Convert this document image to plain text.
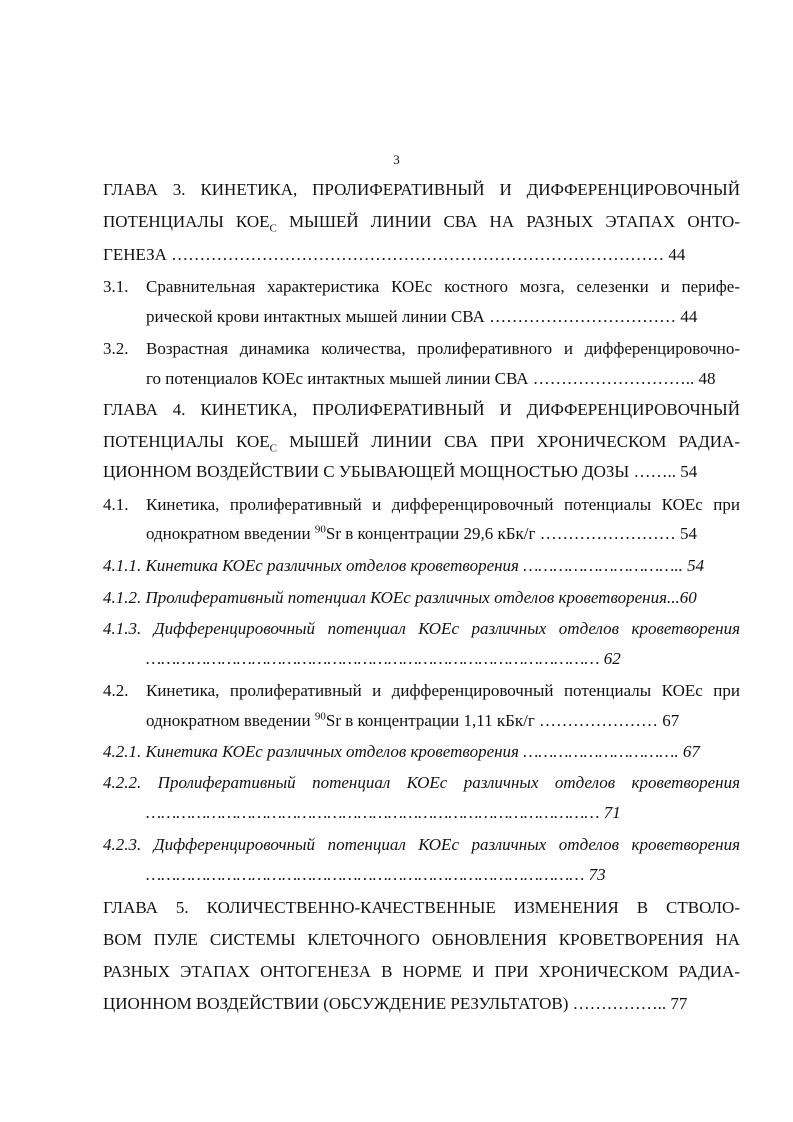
3
ГЛАВА 3. КИНЕТИКА, ПРОЛИФЕРАТИВНЫЙ И ДИФФЕРЕНЦИРОВОЧНЫЙ
ПОТЕНЦИАЛЫ $КОЕ_С$ МЫШЕЙ ЛИНИИ СВА НА РАЗНЫХ ЭТАПАХ ОНТО-
ГЕНЕЗА …………………………………………………………………………… 44
3.1. Сравнительная характеристика КОЕс костного мозга, селезенки и перифе-
рической крови интактных мышей линии СВА …………………………… 44
3.2. Возрастная динамика количества, пролиферативного и дифференцировочно-
го потенциалов КОЕс интактных мышей линии СВА ……………………….. 48
ГЛАВА 4. КИНЕТИКА, ПРОЛИФЕРАТИВНЫЙ И ДИФФЕРЕНЦИРОВОЧНЫЙ
ПОТЕНЦИАЛЫ $КОЕ_С$ МЫШЕЙ ЛИНИИ СВА ПРИ ХРОНИЧЕСКОМ РАДИА-
ЦИОННОМ ВОЗДЕЙСТВИИ С УБЫВАЮЩЕЙ МОЩНОСТЬЮ ДОЗЫ …….. 54
4.1. Кинетика, пролиферативный и дифференцировочный потенциалы КОЕс при
однократном введении $^{90}$Sr в концентрации 29,6 кБк/г …………………… 54
4.1.1. Кинетика КОЕс различных отделов кроветворения ………………………….. 54
4.1.2. Пролиферативный потенциал КОЕс различных отделов кроветворения...60
4.1.3. Дифференцировочный потенциал КОЕс различных отделов кроветворения
……………………………………………………………………………… 62
4.2. Кинетика, пролиферативный и дифференцировочный потенциалы КОЕс при
однократном введении $^{90}$Sr в концентрации 1,11 кБк/г ………………… 67
4.2.1. Кинетика КОЕс различных отделов кроветворения …………………………. 67
4.2.2. Пролиферативный потенциал КОЕс различных отделов кроветворения
……………………………………………………………………………… 71
4.2.3. Дифференцировочный потенциал КОЕс различных отделов кроветворения
…………………………………………………………………………… 73
ГЛАВА 5. КОЛИЧЕСТВЕННО-КАЧЕСТВЕННЫЕ ИЗМЕНЕНИЯ В СТВОЛО-
ВОМ ПУЛЕ СИСТЕМЫ КЛЕТОЧНОГО ОБНОВЛЕНИЯ КРОВЕТВОРЕНИЯ НА
РАЗНЫХ ЭТАПАХ ОНТОГЕНЕЗА В НОРМЕ И ПРИ ХРОНИЧЕСКОМ РАДИА-
ЦИОННОМ ВОЗДЕЙСТВИИ (ОБСУЖДЕНИЕ РЕЗУЛЬТАТОВ) …………….. 77
